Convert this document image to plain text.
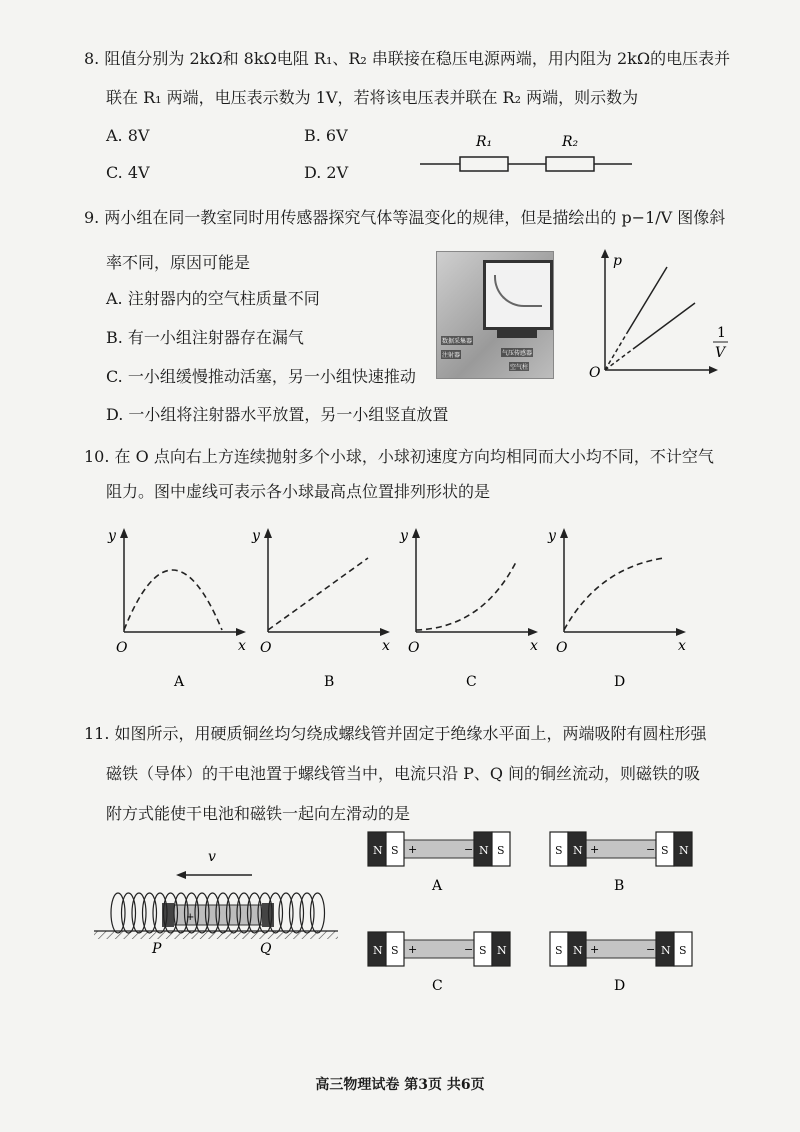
8. 阻值分别为 2kΩ和 8kΩ电阻 R₁、R₂ 串联接在稳压电源两端，用内阻为 2kΩ的电压表并
联在 R₁ 两端，电压表示数为 1V，若将该电压表并联在 R₂ 两端，则示数为
A. 8V	B. 6V
C. 4V	D. 2V
R₁	R₂
9. 两小组在同一教室同时用传感器探究气体等温变化的规律，但是描绘出的 p−1/V 图像斜
率不同，原因可能是
A. 注射器内的空气柱质量不同
B. 有一小组注射器存在漏气
C. 一小组缓慢推动活塞，另一小组快速推动
D. 一小组将注射器水平放置，另一小组竖直放置
数据采集器
注射器	气压传感器
空气柱
p
O
1
V
10. 在 O 点向右上方连续抛射多个小球，小球初速度方向均相同而大小均不同，不计空气
阻力。图中虚线可表示各小球最高点位置排列形状的是
y
O	x
A
y
O	x
B
y
O	x
C
y
O	x
D
11. 如图所示，用硬质铜丝均匀绕成螺线管并固定于绝缘水平面上，两端吸附有圆柱形强
磁铁（导体）的干电池置于螺线管当中，电流只沿 P、Q 间的铜丝流动，则磁铁的吸
附方式能使干电池和磁铁一起向左滑动的是
v
+
P	Q
N S	N S
+	−
A
S N	S N
+	−
B
N S	S N
+	−
C
S N	N S
+	−
D
高三物理试卷 第3页 共6页
